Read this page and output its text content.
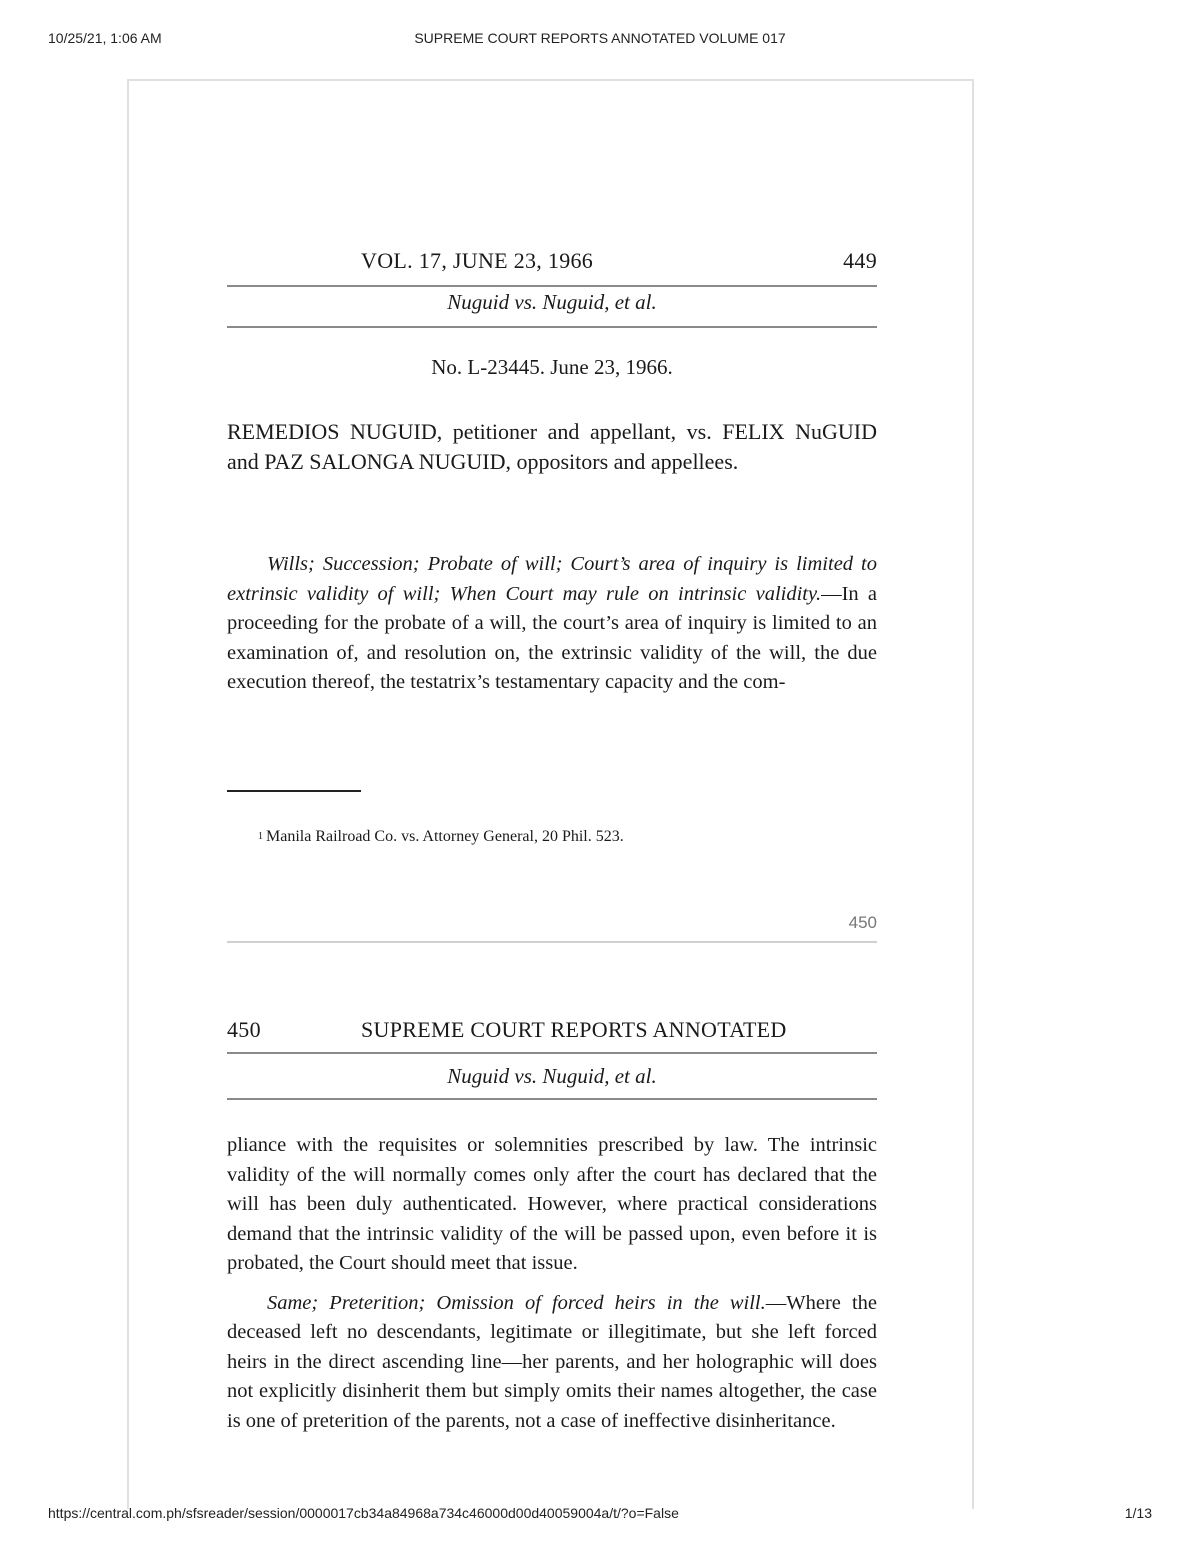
10/25/21, 1:06 AM	SUPREME COURT REPORTS ANNOTATED VOLUME 017
VOL. 17, JUNE 23, 1966	449
Nuguid vs. Nuguid, et al.
No. L-23445. June 23, 1966.

REMEDIOS NUGUID, petitioner and appellant, vs. FELIX NuGUID and PAZ SALONGA NUGUID, oppositors and appellees.

Wills; Succession; Probate of will; Court’s area of inquiry is limited to extrinsic validity of will; When Court may rule on intrinsic validity.—In a proceeding for the probate of a will, the court’s area of inquiry is limited to an examination of, and resolution on, the extrinsic validity of the will, the due execution thereof, the testatrix’s testamentary capacity and the com-

$^1$ Manila Railroad Co. vs. Attorney General, 20 Phil. 523.
450
450	SUPREME COURT REPORTS ANNOTATED
Nuguid vs. Nuguid, et al.

pliance with the requisites or solemnities prescribed by law. The intrinsic validity of the will normally comes only after the court has declared that the will has been duly authenticated. However, where practical considerations demand that the intrinsic validity of the will be passed upon, even before it is probated, the Court should meet that issue.

Same; Preterition; Omission of forced heirs in the will.—Where the deceased left no descendants, legitimate or illegitimate, but she left forced heirs in the direct ascending line—her parents, and her holographic will does not explicitly disinherit them but simply omits their names altogether, the case is one of preterition of the parents, not a case of ineffective disinheritance.

https://central.com.ph/sfsreader/session/0000017cb34a84968a734c46000d00d40059004a/t/?o=False	1/13
